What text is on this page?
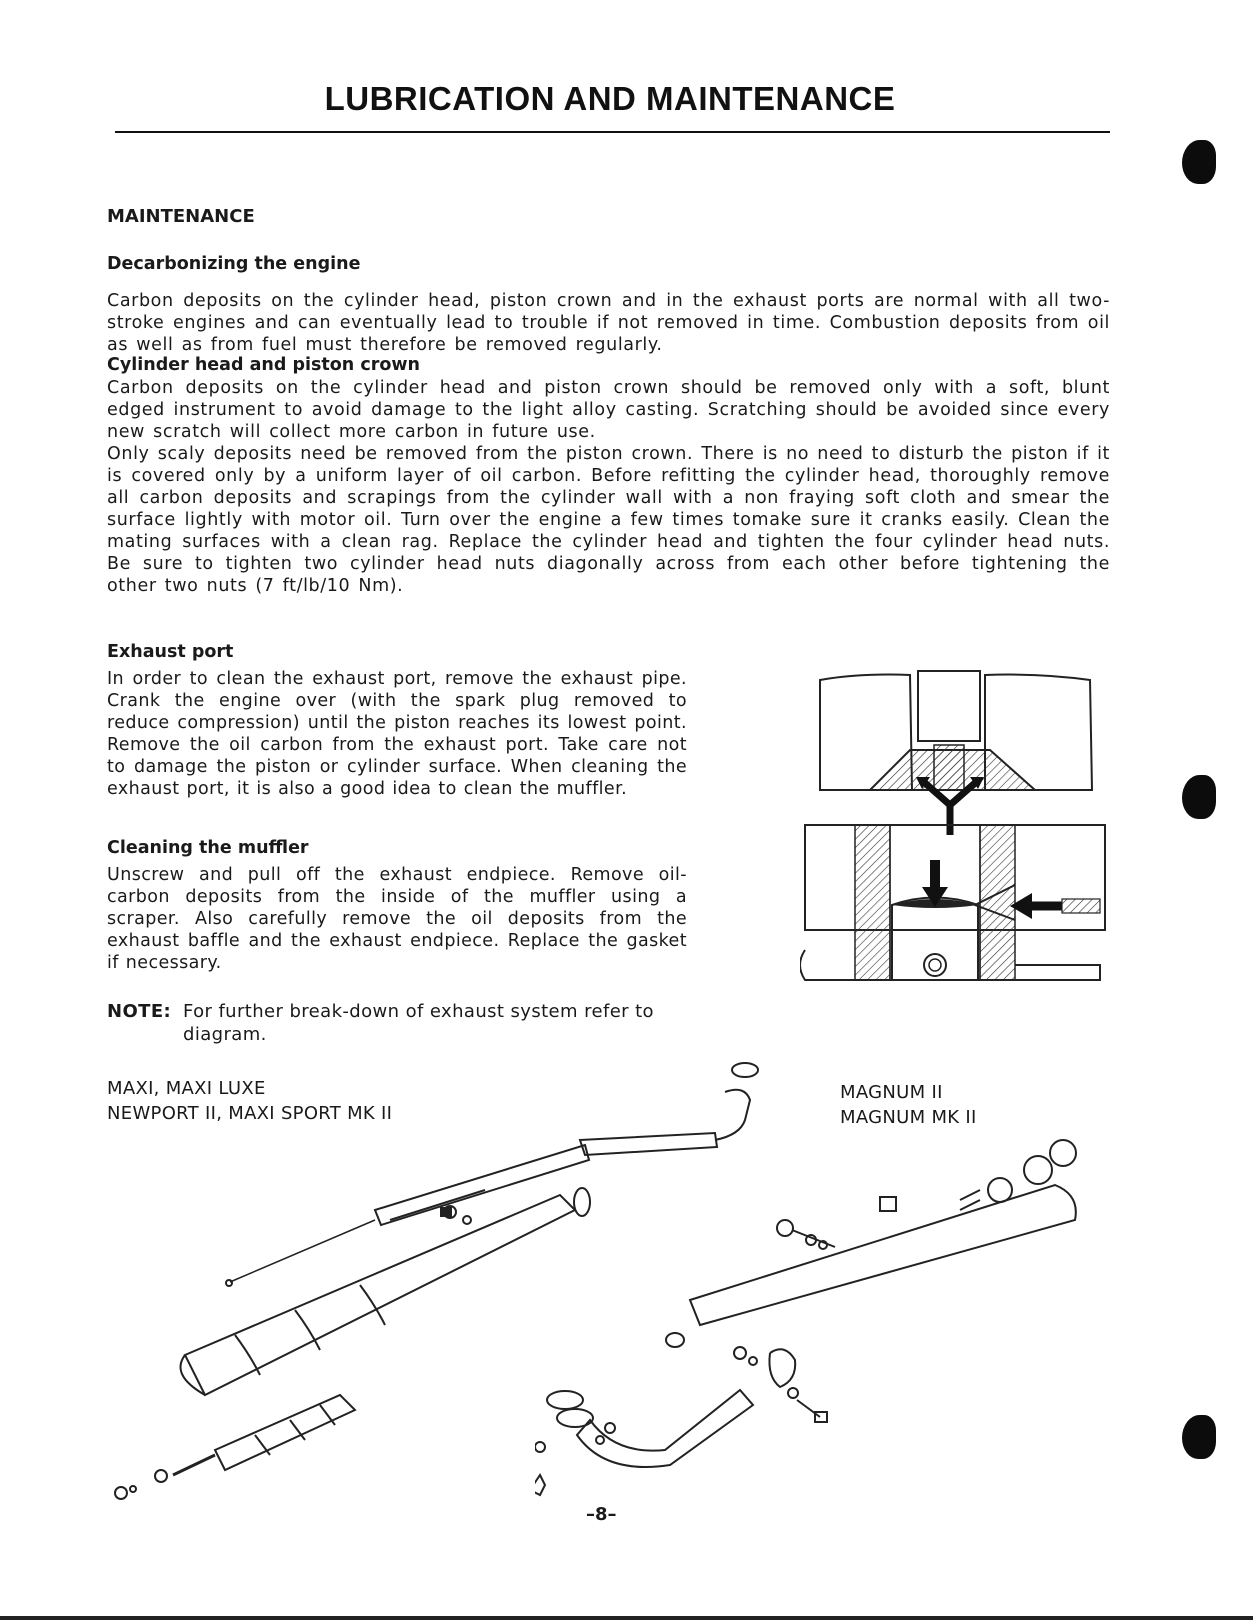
LUBRICATION AND MAINTENANCE
MAINTENANCE
Decarbonizing the engine

Carbon deposits on the cylinder head, piston crown and in the exhaust ports are normal with all two-stroke engines and can eventually lead to trouble if not removed in time. Combustion deposits from oil as well as from fuel must therefore be removed regularly.

Cylinder head and piston crown

Carbon deposits on the cylinder head and piston crown should be removed only with a soft, blunt edged instrument to avoid damage to the light alloy casting. Scratching should be avoided since every new scratch will collect more carbon in future use.

Only scaly deposits need be removed from the piston crown. There is no need to disturb the piston if it is covered only by a uniform layer of oil carbon. Before refitting the cylinder head, thoroughly remove all carbon deposits and scrapings from the cylinder wall with a non fraying soft cloth and smear the surface lightly with motor oil. Turn over the engine a few times tomake sure it cranks easily. Clean the mating surfaces with a clean rag. Replace the cylinder head and tighten the four cylinder head nuts. Be sure to tighten two cylinder head nuts diagonally across from each other before tightening the other two nuts (7 ft/lb/10 Nm).

Exhaust port

In order to clean the exhaust port, remove the exhaust pipe. Crank the engine over (with the spark plug removed to reduce compression) until the piston reaches its lowest point. Remove the oil carbon from the exhaust port. Take care not to damage the piston or cylinder surface. When cleaning the exhaust port, it is also a good idea to clean the muffler.

Cleaning the muffler

Unscrew and pull off the exhaust endpiece. Remove oil-carbon deposits from the inside of the muffler using a scraper. Also carefully remove the oil deposits from the exhaust baffle and the exhaust endpiece. Replace the gasket if necessary.

NOTE: For further break-down of exhaust system refer to diagram.
MAXI, MAXI LUXE
NEWPORT II, MAXI SPORT MK II
MAGNUM II
MAGNUM MK II
–8–
